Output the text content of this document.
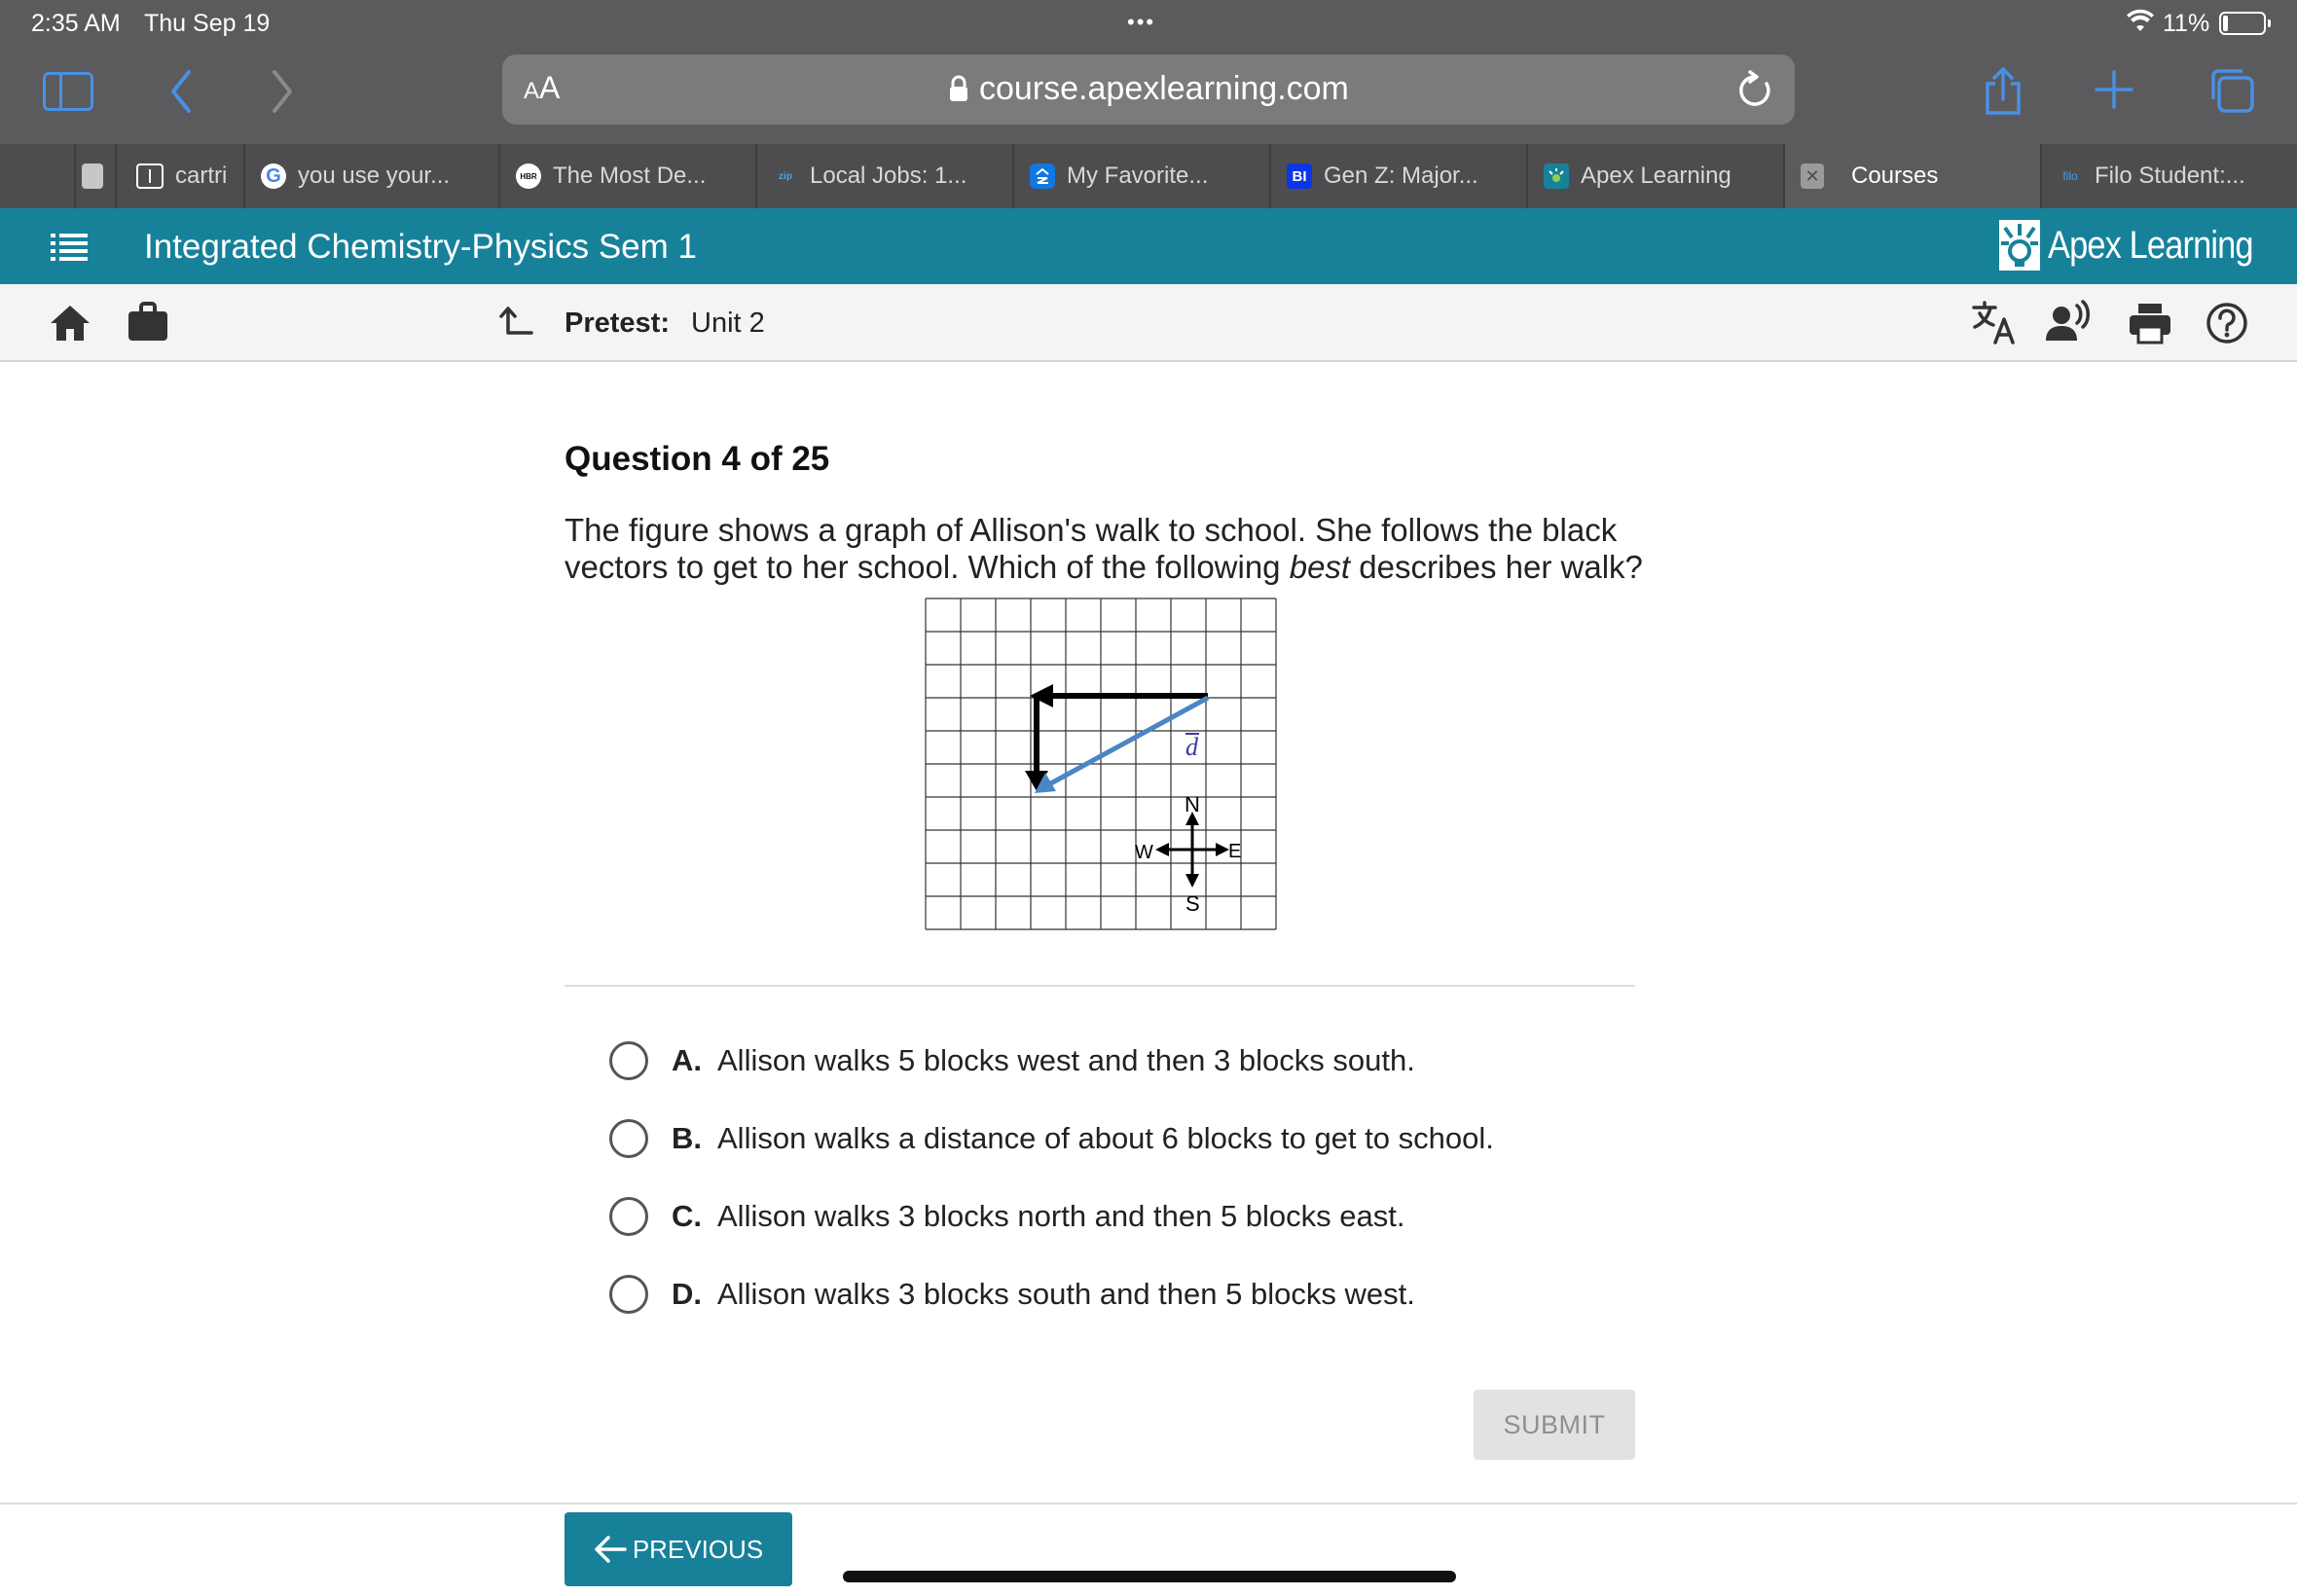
2:35 AM Thu Sep 19	•••	11%
AA	course.apexlearning.com
cartri G you use your...	HBR The Most De...	zip Local Jobs: 1...	My Favorite...	BI Gen Z: Major...	Apex Learning	✕ Courses	filo Filo Student:...
Integrated Chemistry-Physics Sem 1	Apex Learning
Pretest: Unit 2
Question 4 of 25
The figure shows a graph of Allison's walk to school. She follows the black vectors to get to her school. Which of the following best describes her walk?
d
N
S
E
W
A. Allison walks 5 blocks west and then 3 blocks south.
B. Allison walks a distance of about 6 blocks to get to school.
C. Allison walks 3 blocks north and then 5 blocks east.
D. Allison walks 3 blocks south and then 5 blocks west.
SUBMIT
PREVIOUS
